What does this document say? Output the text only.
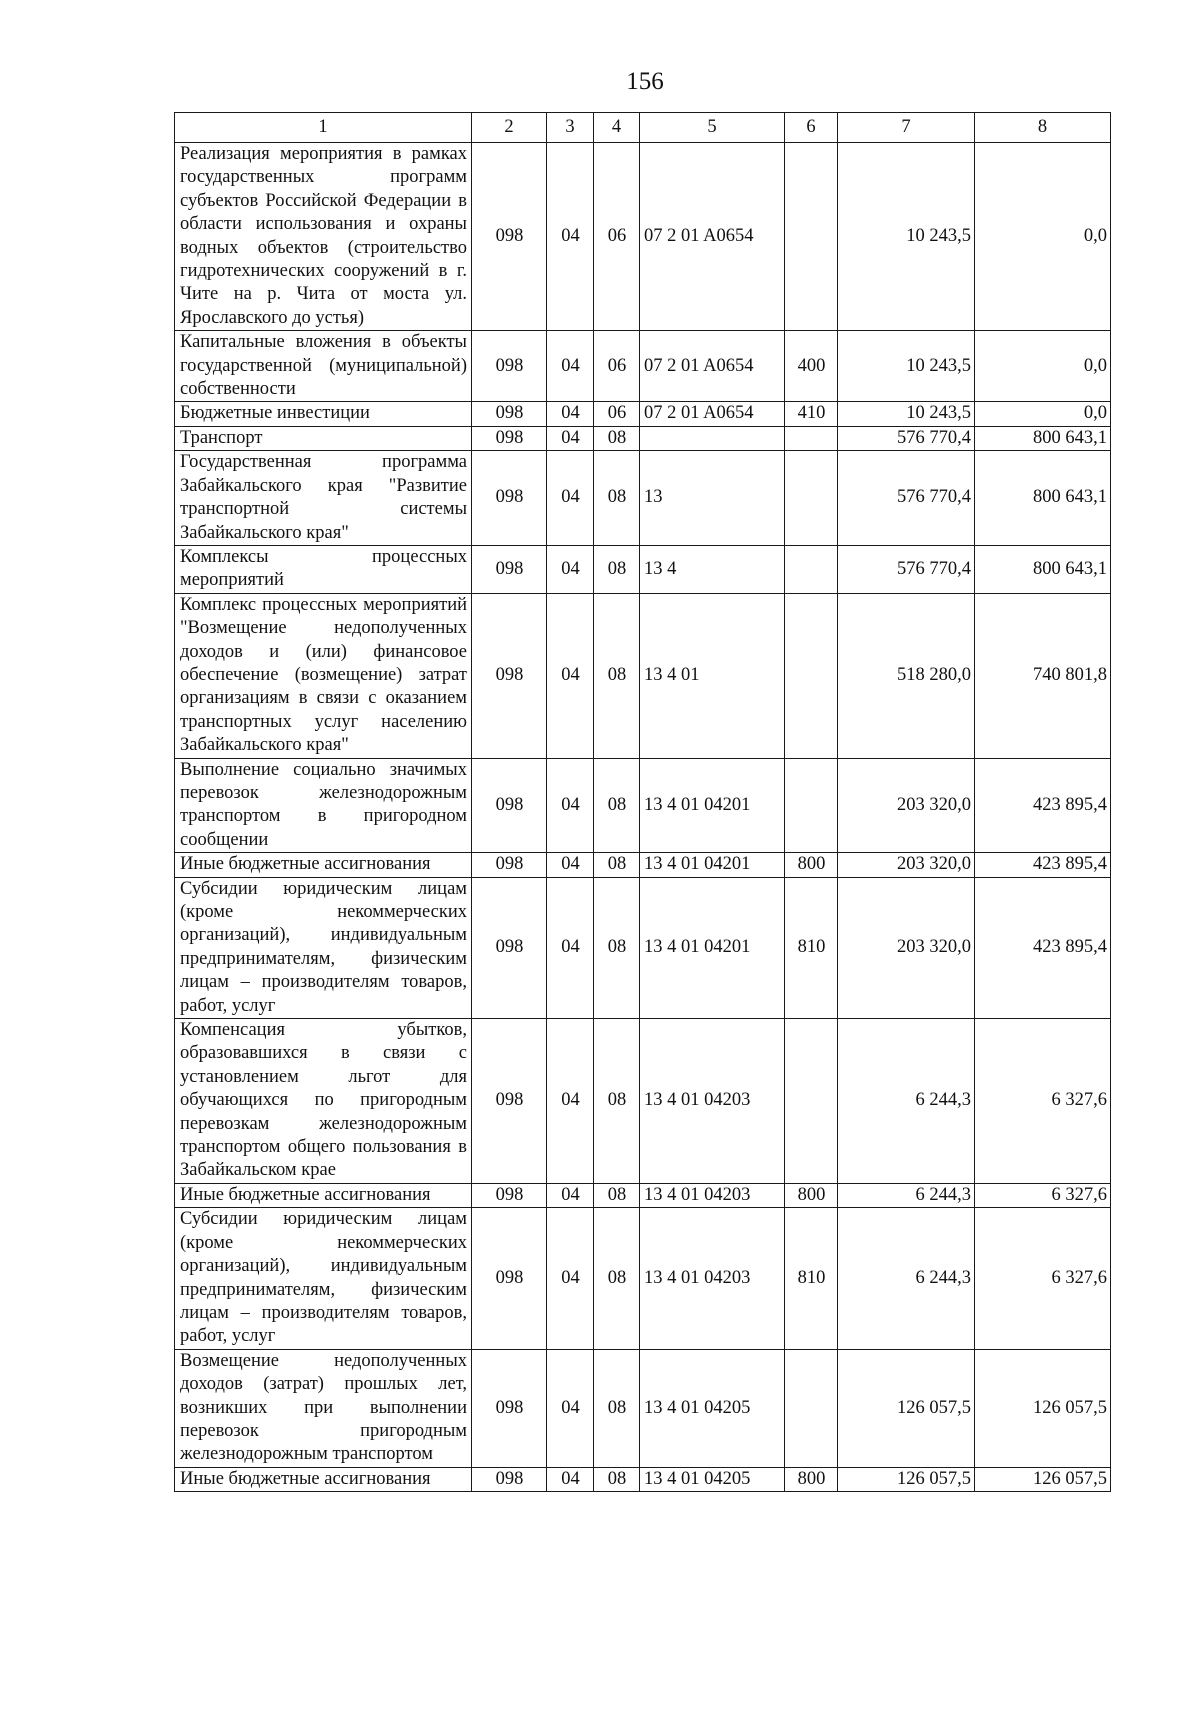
156
1	2	3	4	5	6	7	8
Реализация мероприятия в рамках государственных программ субъектов Российской Федерации в области использования и охраны водных объектов (строительство гидротехнических сооружений в г. Чите на р. Чита от моста ул. Ярославского до устья)	098	04	06	07 2 01 A0654		10 243,5	0,0
Капитальные вложения в объекты государственной (муниципальной) собственности	098	04	06	07 2 01 A0654	400	10 243,5	0,0
Бюджетные инвестиции	098	04	06	07 2 01 A0654	410	10 243,5	0,0
Транспорт	098	04	08			576 770,4	800 643,1
Государственная программа Забайкальского края "Развитие транспортной системы Забайкальского края"	098	04	08	13		576 770,4	800 643,1
Комплексы процессных мероприятий	098	04	08	13 4		576 770,4	800 643,1
Комплекс процессных мероприятий "Возмещение недополученных доходов и (или) финансовое обеспечение (возмещение) затрат организациям в связи с оказанием транспортных услуг населению Забайкальского края"	098	04	08	13 4 01		518 280,0	740 801,8
Выполнение социально значимых перевозок железнодорожным транспортом в пригородном сообщении	098	04	08	13 4 01 04201		203 320,0	423 895,4
Иные бюджетные ассигнования	098	04	08	13 4 01 04201	800	203 320,0	423 895,4
Субсидии юридическим лицам (кроме некоммерческих организаций), индивидуальным предпринимателям, физическим лицам – производителям товаров, работ, услуг	098	04	08	13 4 01 04201	810	203 320,0	423 895,4
Компенсация убытков, образовавшихся в связи с установлением льгот для обучающихся по пригородным перевозкам железнодорожным транспортом общего пользования в Забайкальском крае	098	04	08	13 4 01 04203		6 244,3	6 327,6
Иные бюджетные ассигнования	098	04	08	13 4 01 04203	800	6 244,3	6 327,6
Субсидии юридическим лицам (кроме некоммерческих организаций), индивидуальным предпринимателям, физическим лицам – производителям товаров, работ, услуг	098	04	08	13 4 01 04203	810	6 244,3	6 327,6
Возмещение недополученных доходов (затрат) прошлых лет, возникших при выполнении перевозок пригородным железнодорожным транспортом	098	04	08	13 4 01 04205		126 057,5	126 057,5
Иные бюджетные ассигнования	098	04	08	13 4 01 04205	800	126 057,5	126 057,5
